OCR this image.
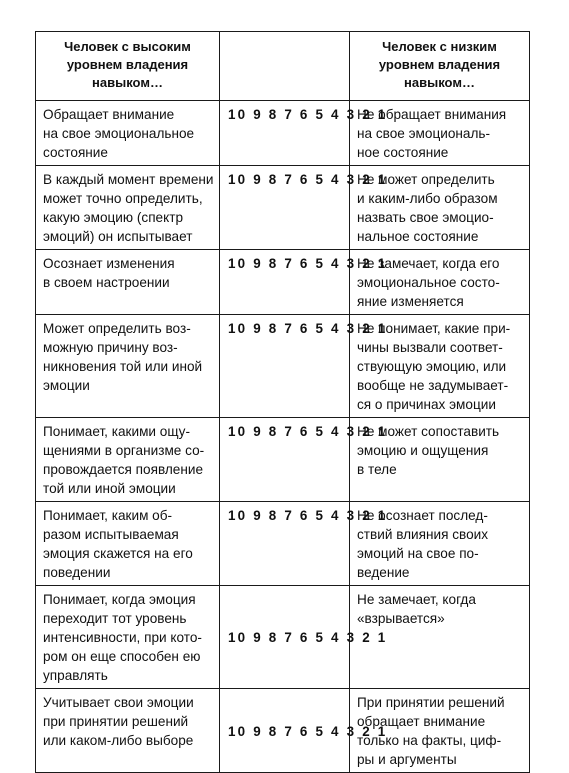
Человек с высоким
уровнем владения
навыком…		Человек с низким
уровнем владения
навыком…
Обращает внимание
на свое эмоциональное
состояние	10 9 8 7 6 5 4 3 2 1	Не обращает внимания
на свое эмоциональ-
ное состояние
В каждый момент времени
может точно определить,
какую эмоцию (спектр
эмоций) он испытывает	10 9 8 7 6 5 4 3 2 1	Не может определить
и каким-либо образом
назвать свое эмоцио-
нальное состояние
Осознает изменения
в своем настроении	10 9 8 7 6 5 4 3 2 1	Не замечает, когда его
эмоциональное состо-
яние изменяется
Может определить воз-
можную причину воз-
никновения той или иной
эмоции	10 9 8 7 6 5 4 3 2 1	Не понимает, какие при-
чины вызвали соответ-
ствующую эмоцию, или
вообще не задумывает-
ся о причинах эмоции
Понимает, какими ощу-
щениями в организме со-
провождается появление
той или иной эмоции	10 9 8 7 6 5 4 3 2 1	Не может сопоставить
эмоцию и ощущения
в теле
Понимает, каким об-
разом испытываемая
эмоция скажется на его
поведении	10 9 8 7 6 5 4 3 2 1	Не осознает послед-
ствий влияния своих
эмоций на свое по-
ведение
Понимает, когда эмоция
переходит тот уровень
интенсивности, при кото-
ром он еще способен ею
управлять	10 9 8 7 6 5 4 3 2 1	Не замечает, когда
«взрывается»
Учитывает свои эмоции
при принятии решений
или каком-либо выборе	10 9 8 7 6 5 4 3 2 1	При принятии решений
обращает внимание
только на факты, циф-
ры и аргументы
